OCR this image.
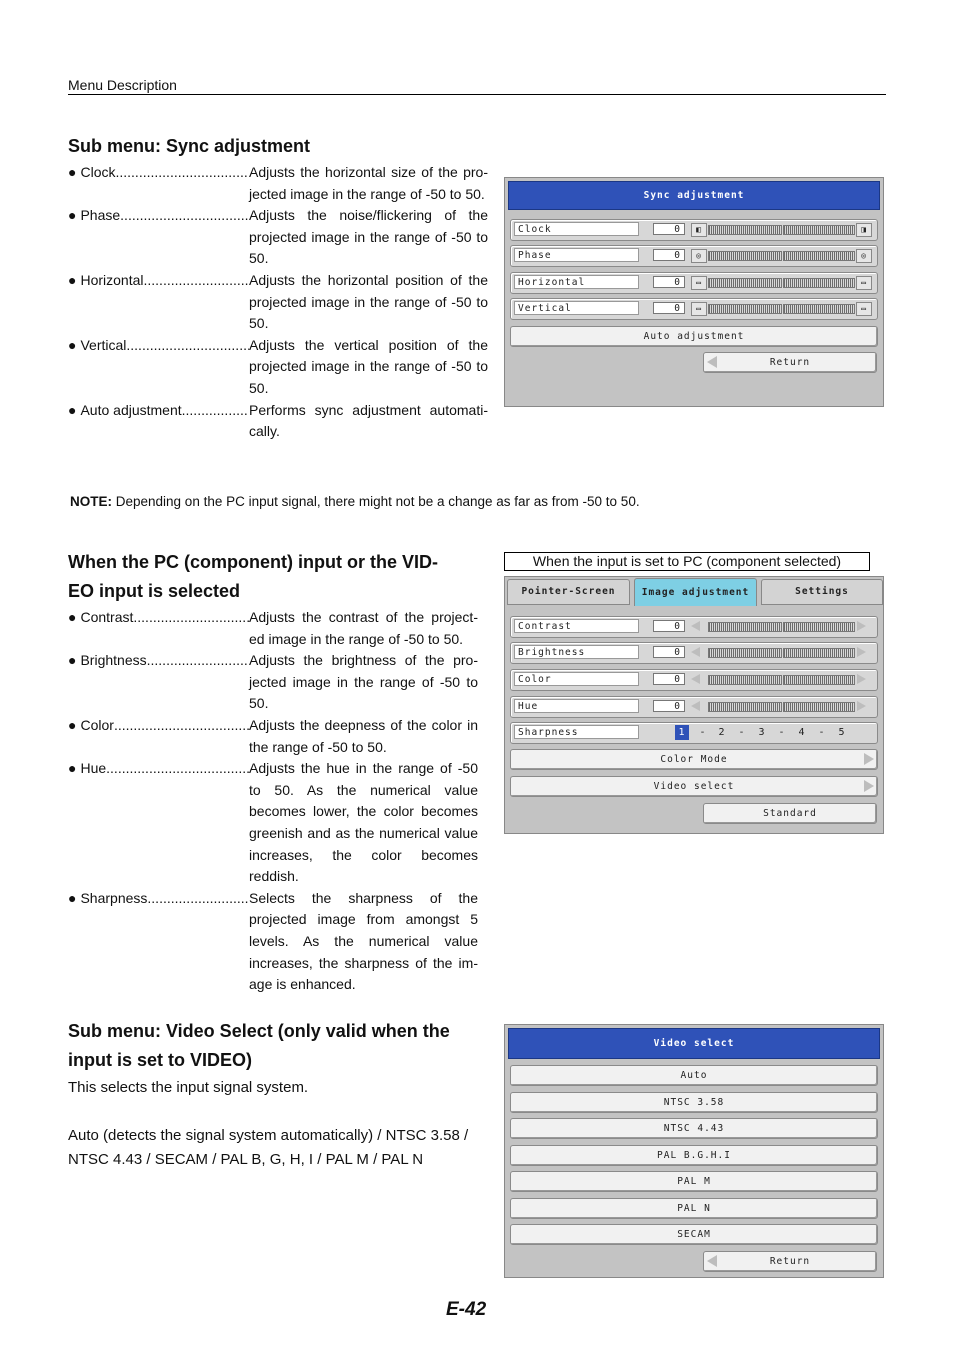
Menu Description
Sub menu: Sync adjustment
● Clock .....	Adjusts the horizontal size of the pro- jected image in the range of -50 to 50.
● Phase .....	Adjusts the noise/flickering of the projected image in the range of -50 to 50.
● Horizontal .....	Adjusts the horizontal position of the projected image in the range of -50 to 50.
● Vertical .....	Adjusts the vertical position of the projected image in the range of -50 to 50.
● Auto adjustment .....	Performs sync adjustment automati- cally.
NOTE: Depending on the PC input signal, there might not be a change as far as from -50 to 50.
Sync adjustment
Clock	0	◧	◨
Phase	0	◎	◎
Horizontal	0	▭	▭
Vertical	0	▭	▭
Auto adjustment
Return
When the PC (component) input or the VID-
EO input is selected
● Contrast .....	Adjusts the contrast of the project- ed image in the range of -50 to 50.
● Brightness .....	Adjusts the brightness of the pro- jected image in the range of -50 to 50.
● Color .....	Adjusts the deepness of the color in the range of -50 to 50.
● Hue .....	Adjusts the hue in the range of -50 to 50. As the numerical value becomes lower, the color becomes greenish and as the numerical value increases, the color becomes reddish.
● Sharpness .....	Selects the sharpness of the projected image from amongst 5 levels. As the numerical value increases, the sharpness of the im- age is enhanced.
When the input is set to PC (component selected)
Pointer-Screen	Image adjustment	Settings
Contrast	0
Brightness	0
Color	0
Hue	0
Sharpness	1	-	2	-	3	-	4	-	5
Color Mode
Video select
Standard
Sub menu: Video Select (only valid when the
input is set to VIDEO)
This selects the input signal system.
Auto (detects the signal system automatically) / NTSC 3.58 / NTSC 4.43 / SECAM / PAL B, G, H, I / PAL M / PAL N
Video select
Auto
NTSC 3.58
NTSC 4.43
PAL B.G.H.I
PAL M
PAL N
SECAM
Return
E-42
